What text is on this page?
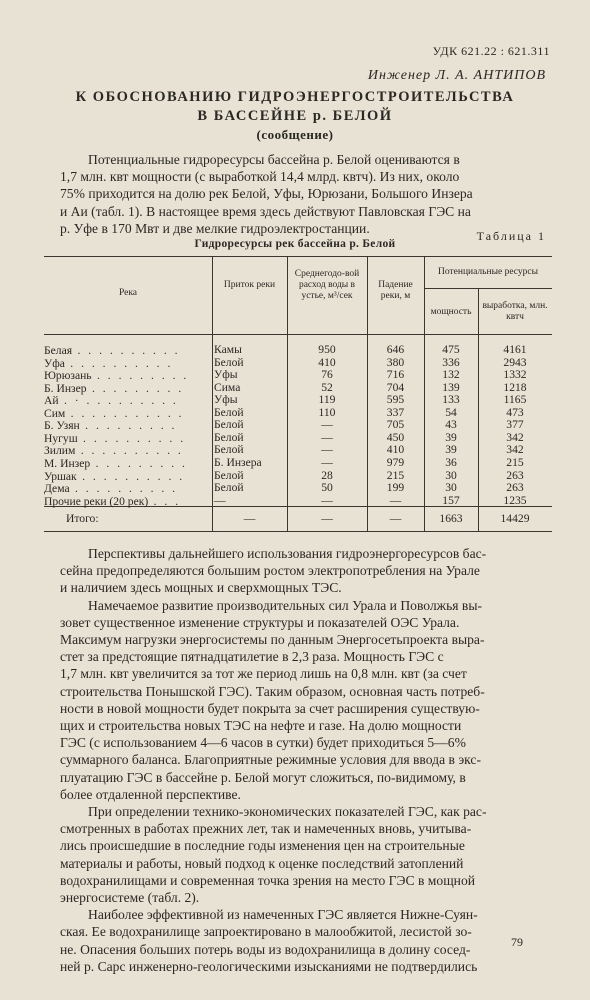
УДК 621.22 : 621.311
Инженер Л. А. АНТИПОВ
К ОБОСНОВАНИЮ ГИДРОЭНЕРГОСТРОИТЕЛЬСТВА
В БАССЕЙНЕ р. БЕЛОЙ
(сообщение)

Потенциальные гидроресурсы бассейна р. Белой оцениваются в

1,7 млн. квт мощности (с выработкой 14,4 млрд. квтч). Из них, около

75% приходится на долю рек Белой, Уфы, Юрюзани, Большого Инзера

и Аи (табл. 1). В настоящее время здесь действуют Павловская ГЭС на

р. Уфе в 170 Мвт и две мелкие гидроэлектростанции.

Таблица 1
Гидроресурсы рек бассейна р. Белой
Река
Приток реки
Среднегодо-вой расход воды в устье, м³/сек
Падение реки, м
Потенциальные ресурсы
мощность
выработка, млн. квтч
Белая . . . . . . . . . .	Камы	950	646	475	4161
Уфа . . . . . . . . . .	Белой	410	380	336	2943
Юрюзань . . . . . . . . .	Уфы	76	716	132	1332
Б. Инзер . . . . . . . . .	Сима	52	704	139	1218
Ай . · . . . . . . . . .	Уфы	119	595	133	1165
Сим . . . . . . . . . . .	Белой	110	337	54	473
Б. Узян . . . . . . . . .	Белой	—	705	43	377
Нугуш . . . . . . . . . .	Белой	—	450	39	342
Зилим . . . . . . . . . .	Белой	—	410	39	342
М. Инзер . . . . . . . . .	Б. Инзера	—	979	36	215
Уршак . . . . . . . . . .	Белой	28	215	30	263
Дема . . . . . . . . . .	Белой	50	199	30	263
Прочие реки (20 рек) . . .	—	—	—	157	1235
Итого:	—	—	—	1663	14429

Перспективы дальнейшего использования гидроэнергоресурсов бас-

сейна предопределяются большим ростом электропотребления на Урале

и наличием здесь мощных и сверхмощных ТЭС.

Намечаемое развитие производительных сил Урала и Поволжья вы-

зовет существенное изменение структуры и показателей ОЭС Урала.

Максимум нагрузки энергосистемы по данным Энергосетьпроекта выра-

стет за предстоящие пятнадцатилетие в 2,3 раза. Мощность ГЭС с

1,7 млн. квт увеличится за тот же период лишь на 0,8 млн. квт (за счет

строительства Понышской ГЭС). Таким образом, основная часть потреб-

ности в новой мощности будет покрыта за счет расширения существую-

щих и строительства новых ТЭС на нефте и газе. На долю мощности

ГЭС (с использованием 4—6 часов в сутки) будет приходиться 5—6%

суммарного баланса. Благоприятные режимные условия для ввода в экс-

плуатацию ГЭС в бассейне р. Белой могут сложиться, по-видимому, в

более отдаленной перспективе.

При определении технико-экономических показателей ГЭС, как рас-

смотренных в работах прежних лет, так и намеченных вновь, учитыва-

лись происшедшие в последние годы изменения цен на строительные

материалы и работы, новый подход к оценке последствий затоплений

водохранилищами и современная точка зрения на место ГЭС в мощной

энергосистеме (табл. 2).

Наиболее эффективной из намеченных ГЭС является Нижне-Суян-

ская. Ее водохранилище запроектировано в малообжитой, лесистой зо-

не. Опасения больших потерь воды из водохранилища в долину сосед-

ней р. Сарс инженерно-геологическими изысканиями не подтвердились

79
